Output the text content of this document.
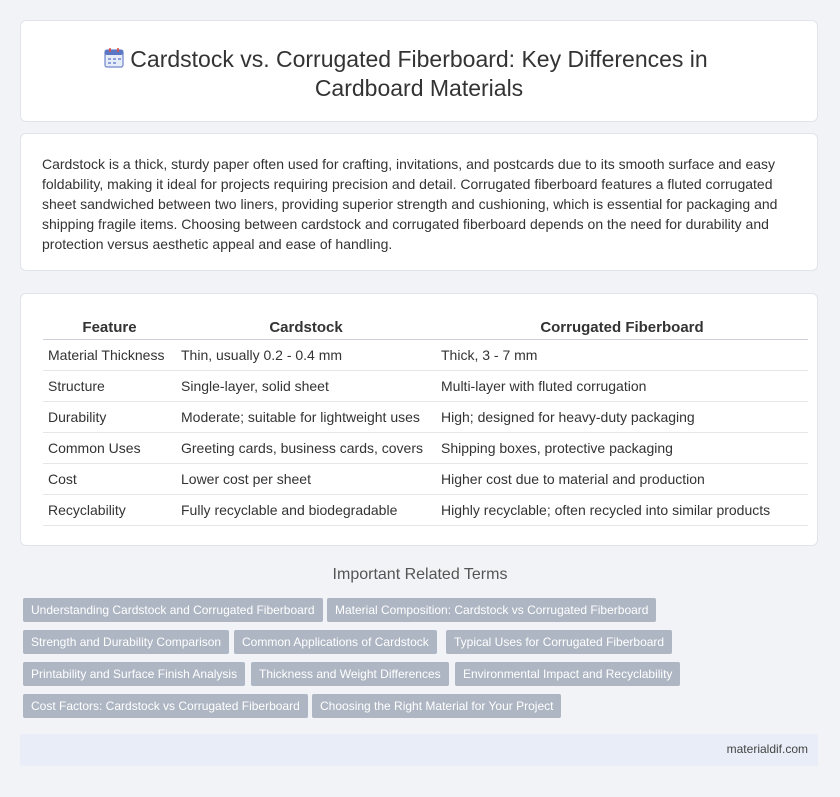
Cardstock vs. Corrugated Fiberboard: Key Differences in Cardboard Materials

Cardstock is a thick, sturdy paper often used for crafting, invitations, and postcards due to its smooth surface and easy foldability, making it ideal for projects requiring precision and detail. Corrugated fiberboard features a fluted corrugated sheet sandwiched between two liners, providing superior strength and cushioning, which is essential for packaging and shipping fragile items. Choosing between cardstock and corrugated fiberboard depends on the need for durability and protection versus aesthetic appeal and ease of handling.

Feature	Cardstock	Corrugated Fiberboard
Material Thickness	Thin, usually 0.2 - 0.4 mm	Thick, 3 - 7 mm
Structure	Single-layer, solid sheet	Multi-layer with fluted corrugation
Durability	Moderate; suitable for lightweight uses	High; designed for heavy-duty packaging
Common Uses	Greeting cards, business cards, covers	Shipping boxes, protective packaging
Cost	Lower cost per sheet	Higher cost due to material and production
Recyclability	Fully recyclable and biodegradable	Highly recyclable; often recycled into similar products
Important Related Terms
Understanding Cardstock and Corrugated Fiberboard	Material Composition: Cardstock vs Corrugated Fiberboard
Strength and Durability Comparison	Common Applications of Cardstock	Typical Uses for Corrugated Fiberboard
Printability and Surface Finish Analysis	Thickness and Weight Differences	Environmental Impact and Recyclability
Cost Factors: Cardstock vs Corrugated Fiberboard	Choosing the Right Material for Your Project
materialdif.com
